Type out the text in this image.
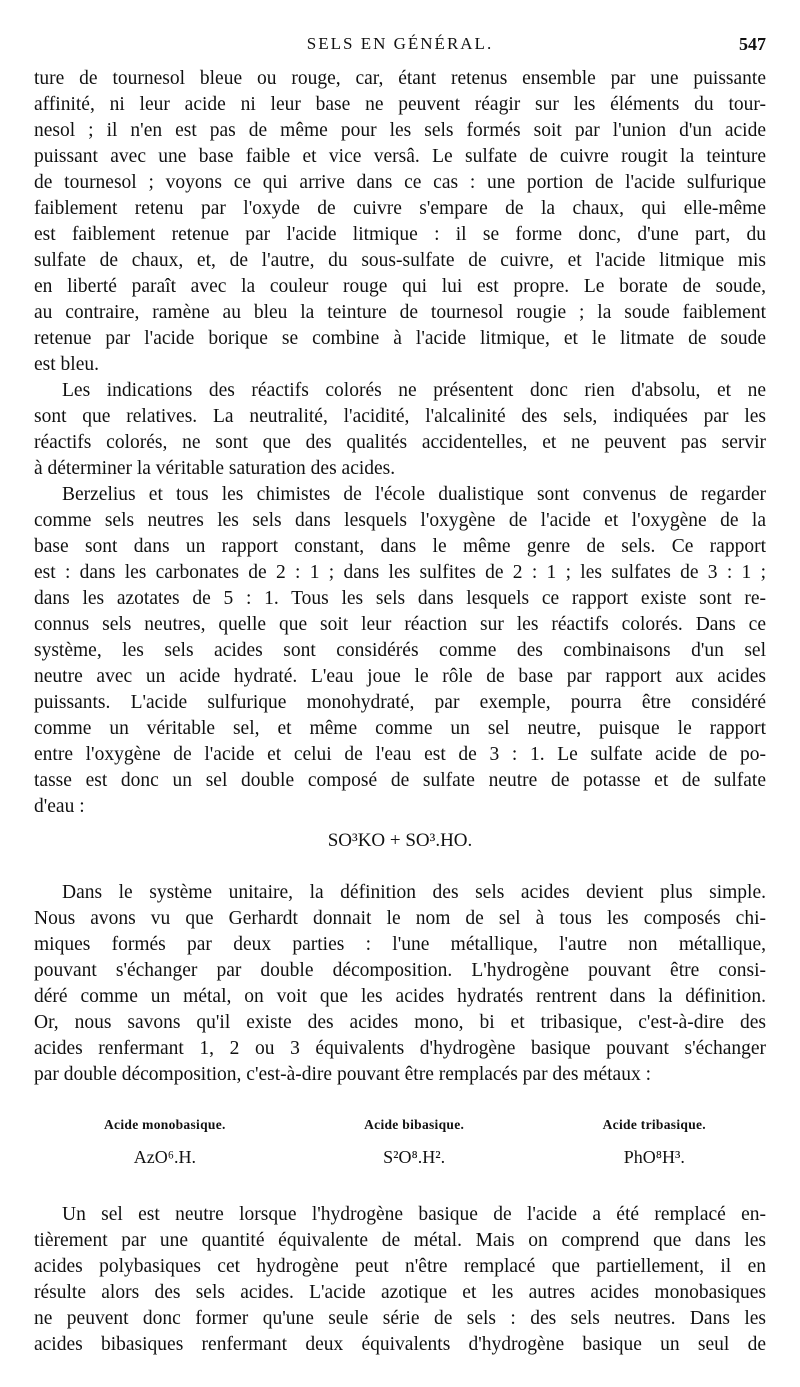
SELS EN GÉNÉRAL.	547
ture de tournesol bleue ou rouge, car, étant retenus ensemble par une puissante
affinité, ni leur acide ni leur base ne peuvent réagir sur les éléments du tour-
nesol ; il n'en est pas de même pour les sels formés soit par l'union d'un acide
puissant avec une base faible et vice versâ. Le sulfate de cuivre rougit la teinture
de tournesol ; voyons ce qui arrive dans ce cas : une portion de l'acide sulfurique
faiblement retenu par l'oxyde de cuivre s'empare de la chaux, qui elle-même
est faiblement retenue par l'acide litmique : il se forme donc, d'une part, du
sulfate de chaux, et, de l'autre, du sous-sulfate de cuivre, et l'acide litmique mis
en liberté paraît avec la couleur rouge qui lui est propre. Le borate de soude,
au contraire, ramène au bleu la teinture de tournesol rougie ; la soude faiblement
retenue par l'acide borique se combine à l'acide litmique, et le litmate de soude
est bleu.
Les indications des réactifs colorés ne présentent donc rien d'absolu, et ne
sont que relatives. La neutralité, l'acidité, l'alcalinité des sels, indiquées par les
réactifs colorés, ne sont que des qualités accidentelles, et ne peuvent pas servir
à déterminer la véritable saturation des acides.
Berzelius et tous les chimistes de l'école dualistique sont convenus de regarder
comme sels neutres les sels dans lesquels l'oxygène de l'acide et l'oxygène de la
base sont dans un rapport constant, dans le même genre de sels. Ce rapport
est : dans les carbonates de 2 : 1 ; dans les sulfites de 2 : 1 ; les sulfates de 3 : 1 ;
dans les azotates de 5 : 1. Tous les sels dans lesquels ce rapport existe sont re-
connus sels neutres, quelle que soit leur réaction sur les réactifs colorés. Dans ce
système, les sels acides sont considérés comme des combinaisons d'un sel
neutre avec un acide hydraté. L'eau joue le rôle de base par rapport aux acides
puissants. L'acide sulfurique monohydraté, par exemple, pourra être considéré
comme un véritable sel, et même comme un sel neutre, puisque le rapport
entre l'oxygène de l'acide et celui de l'eau est de 3 : 1. Le sulfate acide de po-
tasse est donc un sel double composé de sulfate neutre de potasse et de sulfate
d'eau :
SO³KO + SO³.HO.
Dans le système unitaire, la définition des sels acides devient plus simple.
Nous avons vu que Gerhardt donnait le nom de sel à tous les composés chi-
miques formés par deux parties : l'une métallique, l'autre non métallique,
pouvant s'échanger par double décomposition. L'hydrogène pouvant être consi-
déré comme un métal, on voit que les acides hydratés rentrent dans la définition.
Or, nous savons qu'il existe des acides mono, bi et tribasique, c'est-à-dire des
acides renfermant 1, 2 ou 3 équivalents d'hydrogène basique pouvant s'échanger
par double décomposition, c'est-à-dire pouvant être remplacés par des métaux :
Acide monobasique.
AzO⁶.H.
Acide bibasique.
S²O⁸.H².
Acide tribasique.
PhO⁸H³.
Un sel est neutre lorsque l'hydrogène basique de l'acide a été remplacé en-
tièrement par une quantité équivalente de métal. Mais on comprend que dans les
acides polybasiques cet hydrogène peut n'être remplacé que partiellement, il en
résulte alors des sels acides. L'acide azotique et les autres acides monobasiques
ne peuvent donc former qu'une seule série de sels : des sels neutres. Dans les
acides bibasiques renfermant deux équivalents d'hydrogène basique un seul de
